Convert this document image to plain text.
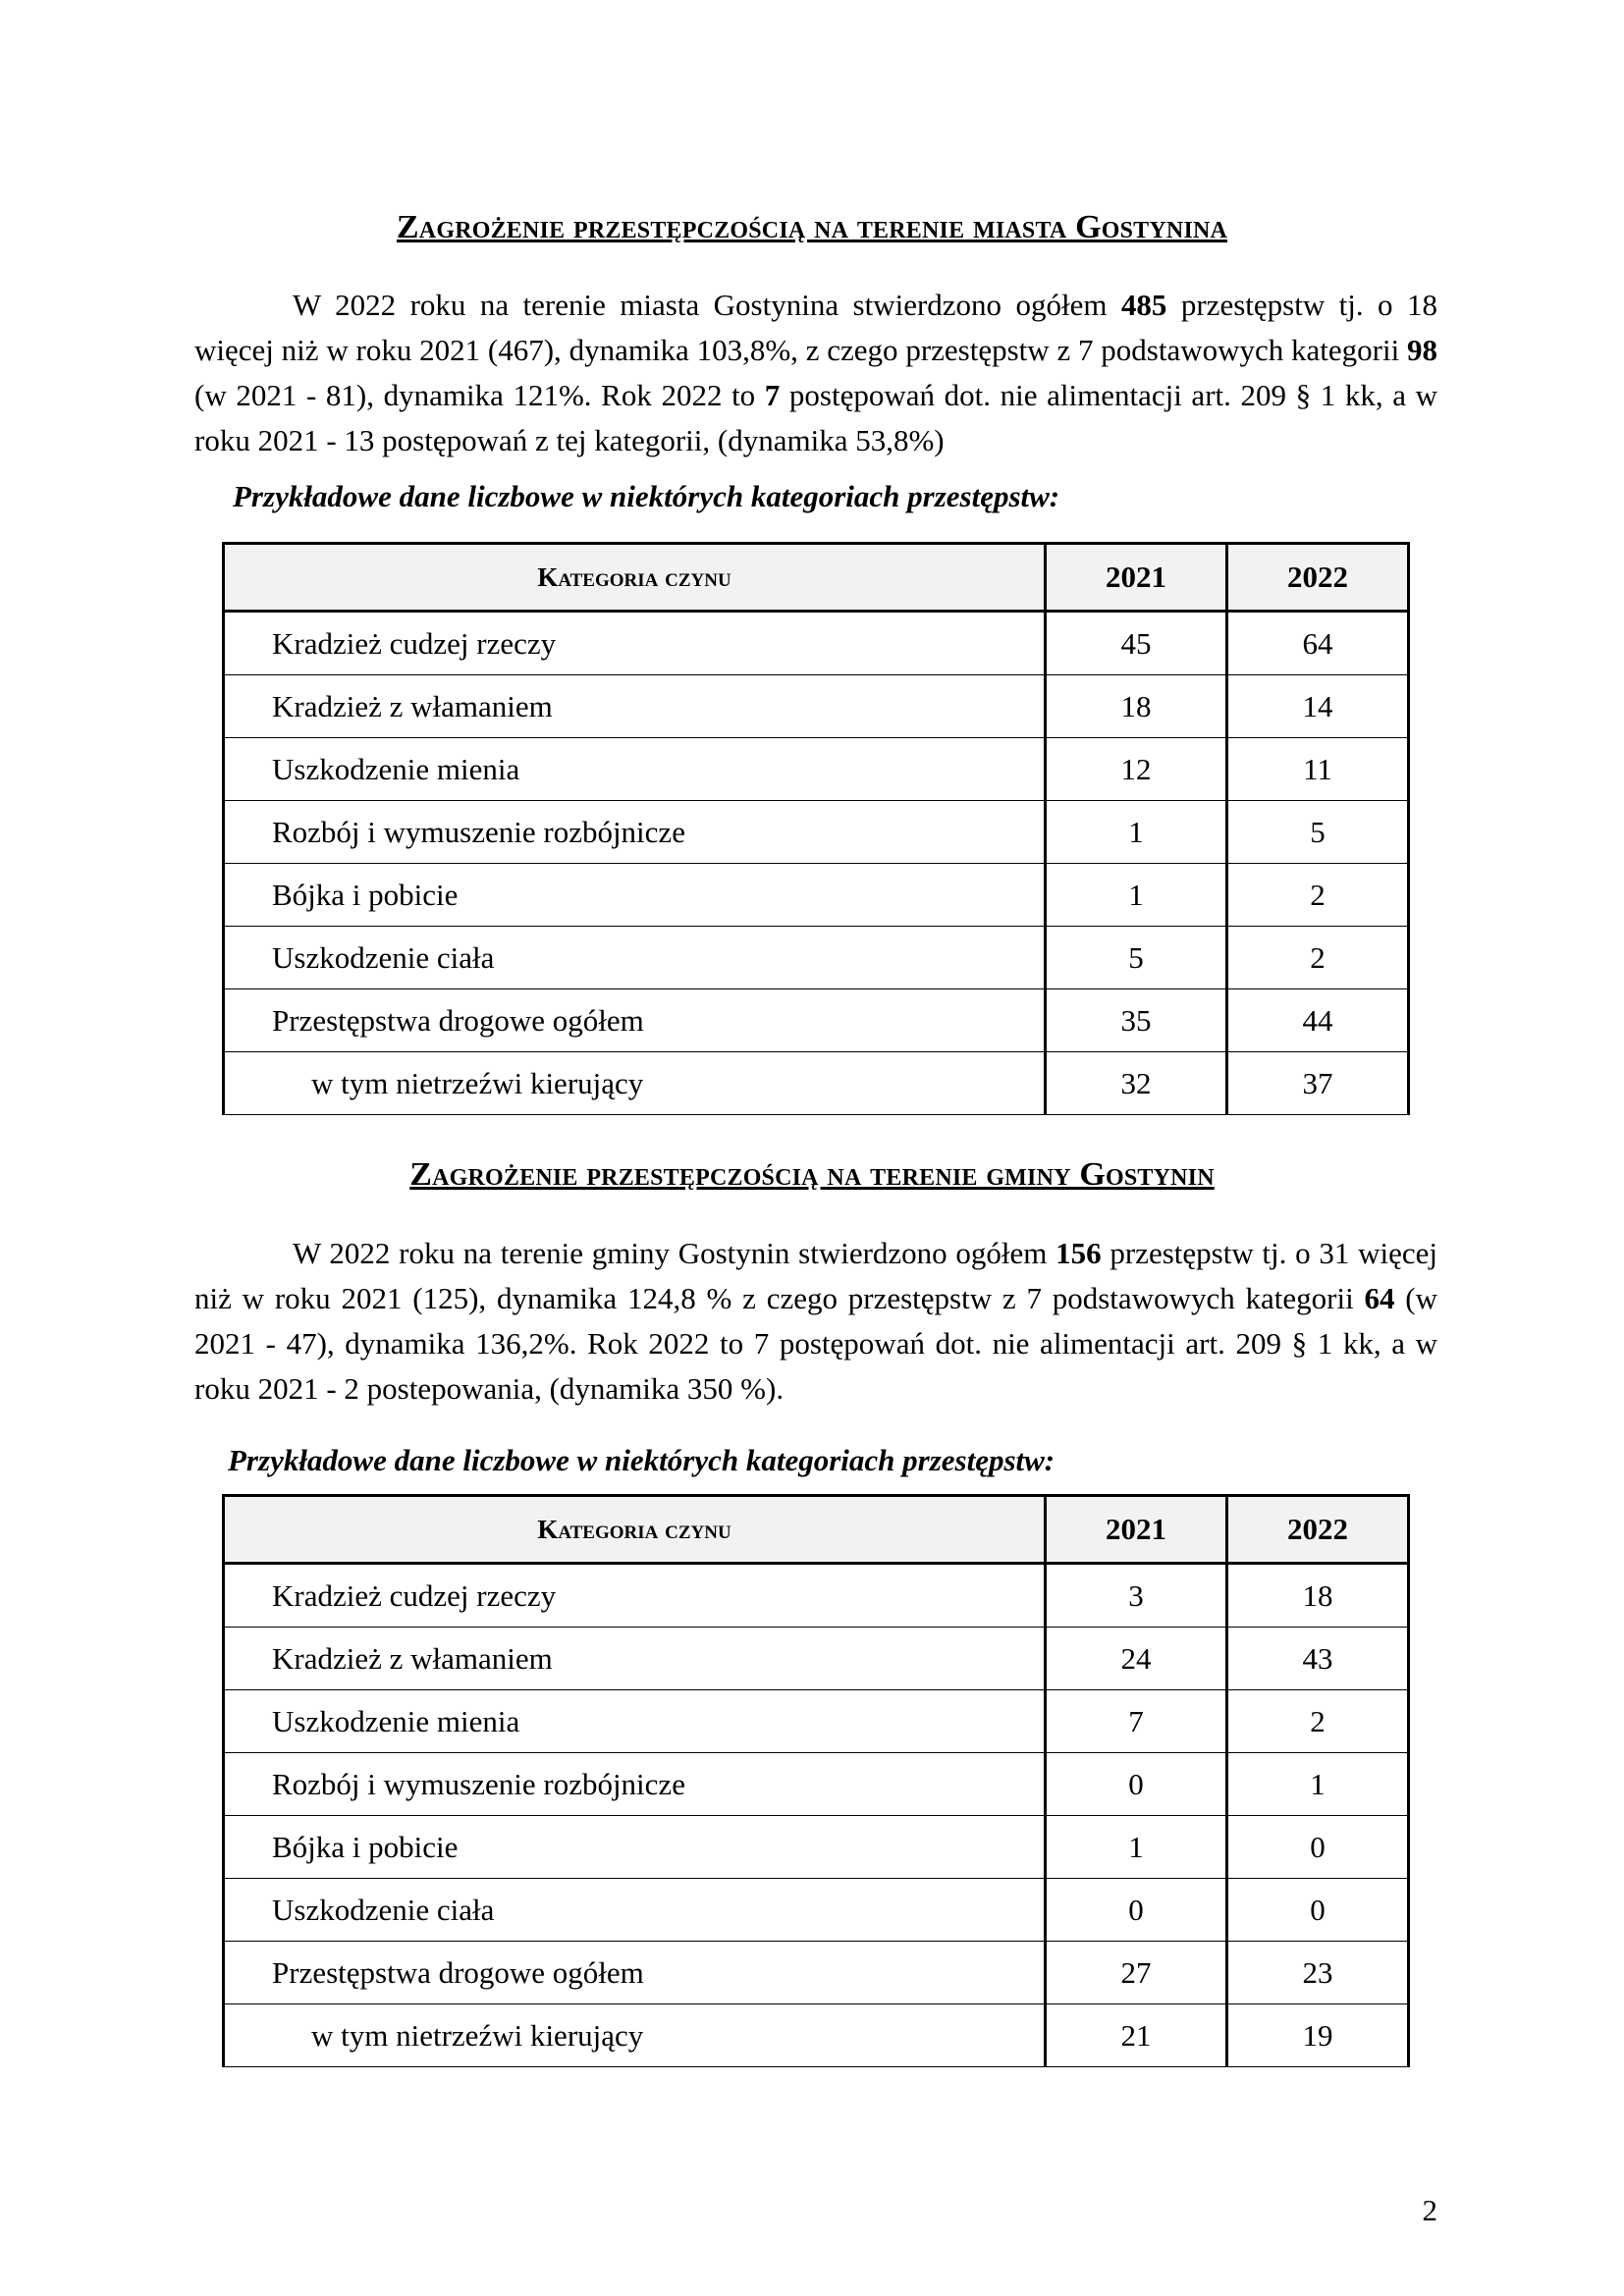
Zagrożenie przestępczością na terenie miasta Gostynina

W 2022 roku na terenie miasta Gostynina stwierdzono ogółem 485 przestępstw tj. o 18 więcej niż w roku 2021 (467), dynamika 103,8%, z czego przestępstw z 7 podstawowych kategorii 98 (w 2021 - 81), dynamika 121%. Rok 2022 to 7 postępowań dot. nie alimentacji art. 209 § 1 kk, a w roku 2021 - 13 postępowań z tej kategorii, (dynamika 53,8%)

Przykładowe dane liczbowe w niektórych kategoriach przestępstw:
Kategoria czynu	2021	2022
Kradzież cudzej rzeczy	45	64
Kradzież z włamaniem	18	14
Uszkodzenie mienia	12	11
Rozbój i wymuszenie rozbójnicze	1	5
Bójka i pobicie	1	2
Uszkodzenie ciała	5	2
Przestępstwa drogowe ogółem	35	44
w tym nietrzeźwi kierujący	32	37
Zagrożenie przestępczością na terenie gminy Gostynin

W 2022 roku na terenie gminy Gostynin stwierdzono ogółem 156 przestępstw tj. o 31 więcej niż w roku 2021 (125), dynamika 124,8 % z czego przestępstw z 7 podstawowych kategorii 64 (w 2021 - 47), dynamika 136,2%. Rok 2022 to 7 postępowań dot. nie alimentacji art. 209 § 1 kk, a w roku 2021 - 2 postepowania, (dynamika 350 %).

Przykładowe dane liczbowe w niektórych kategoriach przestępstw:
Kategoria czynu	2021	2022
Kradzież cudzej rzeczy	3	18
Kradzież z włamaniem	24	43
Uszkodzenie mienia	7	2
Rozbój i wymuszenie rozbójnicze	0	1
Bójka i pobicie	1	0
Uszkodzenie ciała	0	0
Przestępstwa drogowe ogółem	27	23
w tym nietrzeźwi kierujący	21	19
2
